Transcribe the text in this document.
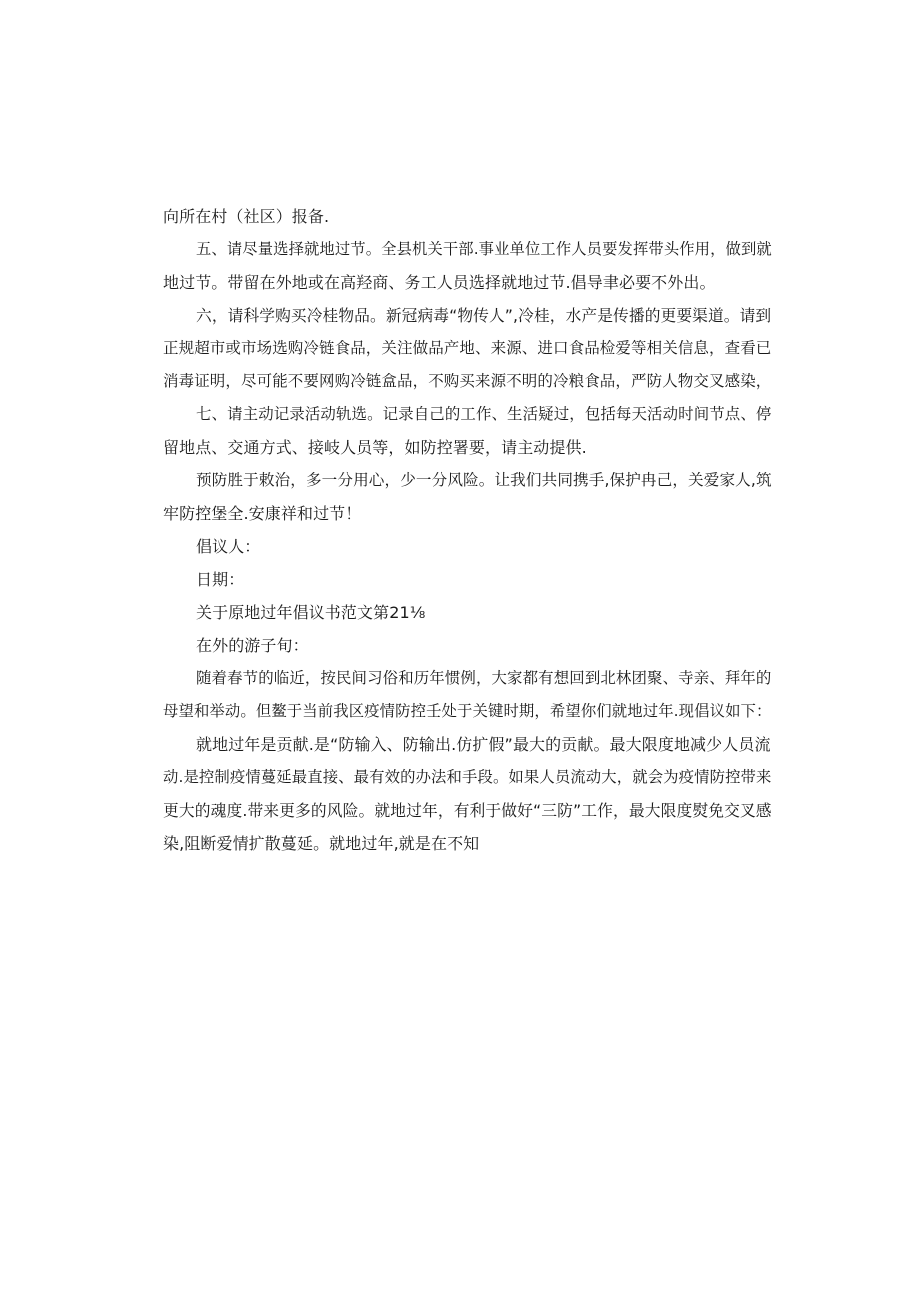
向所在村（社区）报备.
五、请尽量选择就地过节。全县机关干部.事业单位工作人员要发挥带头作用，做到就
地过节。带留在外地或在高羟商、务工人员选择就地过节.倡导聿必要不外出。
六，请科学购买冷桂物品。新冠病毒“物传人”,冷桂，水产是传播的更要渠道。请到
正规超市或市场选购冷链食品，关注做品产地、来源、进口食品检爱等相关信息，查看已
消毒证明，尽可能不要网购冷链盒品，不购买来源不明的冷粮食品，严防人物交叉感染，
七、请主动记录活动轨选。记录自己的工作、生活疑过，包括每天活动时间节点、停
留地点、交通方式、接岐人员等，如防控署要，请主动提供.
预防胜于敕治，多一分用心，少一分风险。让我们共同携手,保护冉己，关爱家人,筑
牢防控堡全.安康祥和过节！
倡议人：
日期：
关于原地过年倡议书范文第21⅛
在外的游子旬：
随着春节的临近，按民间习俗和历年惯例，大家都有想回到北林团聚、寺亲、拜年的
母望和举动。但鳌于当前我区疫情防控壬处于关键时期，希望你们就地过年.现倡议如下：
就地过年是贡献.是“防输入、防输出.仿扩假”最大的贡献。最大限度地减少人员流
动.是控制疫情蔓延最直接、最有效的办法和手段。如果人员流动大，就会为疫情防控带来
更大的魂度.带来更多的风险。就地过年，有利于做好“三防”工作，最大限度熨免交叉感
染,阻断爱情扩散蔓延。就地过年,就是在不知
